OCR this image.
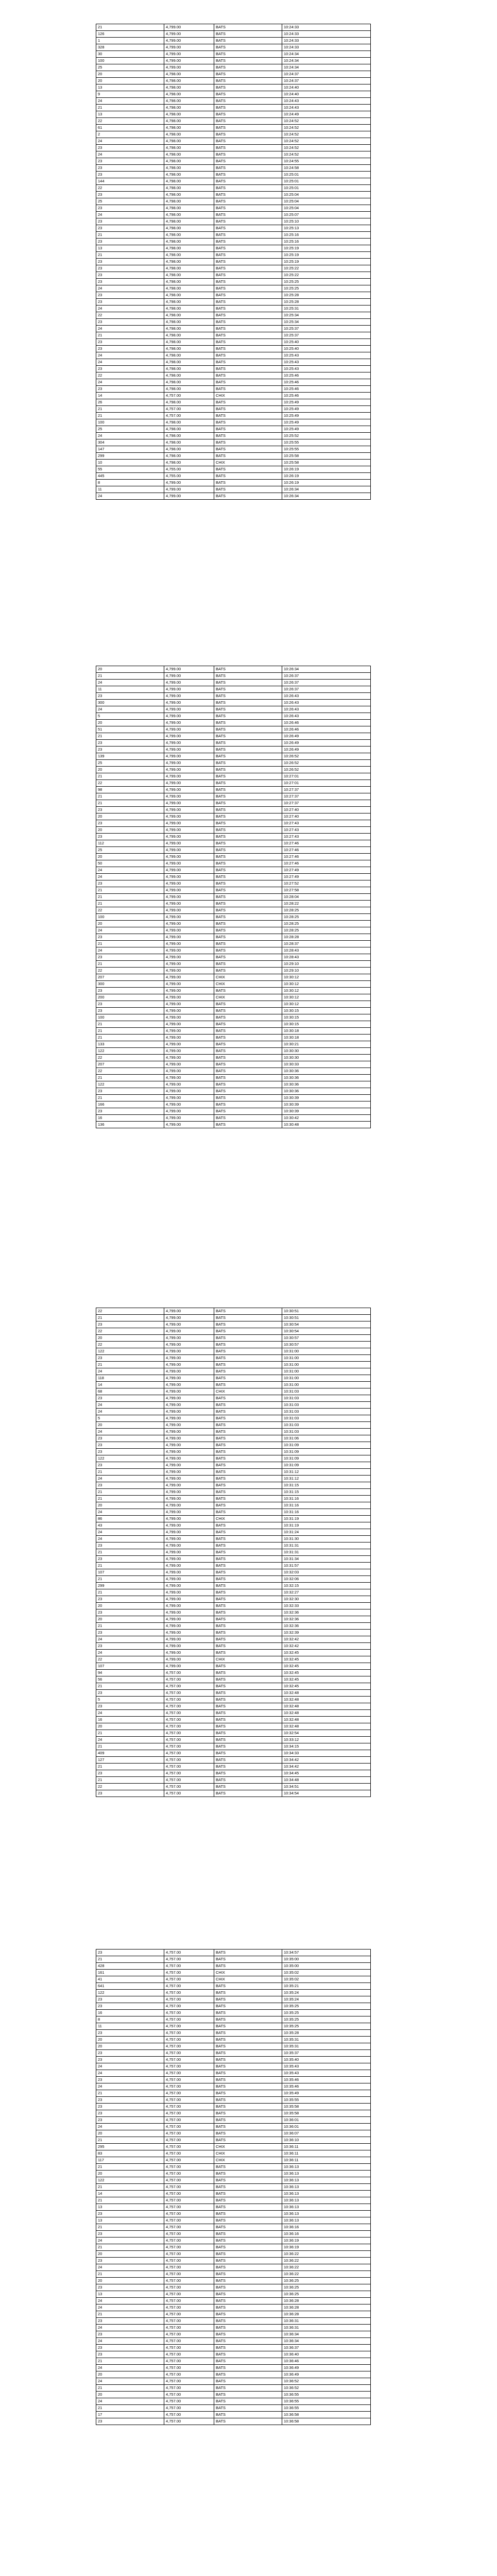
21	4,799.00	BATS	10:24:33
126	4,799.00	BATS	10:24:33
1	4,799.00	BATS	10:24:33
328	4,799.00	BATS	10:24:33
30	4,799.00	BATS	10:24:34
100	4,799.00	BATS	10:24:34
25	4,799.00	BATS	10:24:34
20	4,798.00	BATS	10:24:37
20	4,798.00	BATS	10:24:37
13	4,798.00	BATS	10:24:40
9	4,798.00	BATS	10:24:40
24	4,798.00	BATS	10:24:43
21	4,798.00	BATS	10:24:43
13	4,798.00	BATS	10:24:49
22	4,798.00	BATS	10:24:52
61	4,798.00	BATS	10:24:52
2	4,798.00	BATS	10:24:52
24	4,798.00	BATS	10:24:52
23	4,798.00	BATS	10:24:52
24	4,798.00	BATS	10:24:52
23	4,798.00	BATS	10:24:55
23	4,798.00	BATS	10:24:58
23	4,798.00	BATS	10:25:01
144	4,798.00	BATS	10:25:01
22	4,798.00	BATS	10:25:01
23	4,798.00	BATS	10:25:04
25	4,798.00	BATS	10:25:04
23	4,798.00	BATS	10:25:04
24	4,798.00	BATS	10:25:07
23	4,798.00	BATS	10:25:10
23	4,798.00	BATS	10:25:13
21	4,798.00	BATS	10:25:16
23	4,798.00	BATS	10:25:16
13	4,798.00	BATS	10:25:19
21	4,798.00	BATS	10:25:19
23	4,798.00	BATS	10:25:19
23	4,798.00	BATS	10:25:22
23	4,798.00	BATS	10:25:22
23	4,798.00	BATS	10:25:25
24	4,798.00	BATS	10:25:25
23	4,798.00	BATS	10:25:28
23	4,798.00	BATS	10:25:28
24	4,798.00	BATS	10:25:31
22	4,798.00	BATS	10:25:34
23	4,798.00	BATS	10:25:34
24	4,798.00	BATS	10:25:37
21	4,798.00	BATS	10:25:37
23	4,798.00	BATS	10:25:40
23	4,798.00	BATS	10:25:40
24	4,798.00	BATS	10:25:43
24	4,798.00	BATS	10:25:43
23	4,798.00	BATS	10:25:43
22	4,798.00	BATS	10:25:46
24	4,798.00	BATS	10:25:46
23	4,798.00	BATS	10:25:46
14	4,757.00	CHIX	10:25:46
26	4,798.00	BATS	10:25:49
21	4,757.00	BATS	10:25:49
21	4,757.00	BATS	10:25:49
100	4,798.00	BATS	10:25:49
25	4,798.00	BATS	10:25:49
24	4,798.00	BATS	10:25:52
304	4,798.00	BATS	10:25:55
147	4,798.00	BATS	10:25:55
299	4,798.00	BATS	10:25:58
10	4,798.00	CHIX	10:25:58
55	4,755.00	BATS	10:26:19
445	4,755.00	BATS	10:26:19
8	4,799.00	BATS	10:26:19
11	4,799.00	BATS	10:26:34
24	4,799.00	BATS	10:26:34
20	4,799.00	BATS	10:26:34
21	4,799.00	BATS	10:26:37
24	4,799.00	BATS	10:26:37
11	4,799.00	BATS	10:26:37
23	4,799.00	BATS	10:26:43
300	4,799.00	BATS	10:26:43
24	4,799.00	BATS	10:26:43
5	4,799.00	BATS	10:26:43
20	4,799.00	BATS	10:26:46
51	4,799.00	BATS	10:26:46
21	4,799.00	BATS	10:26:49
23	4,799.00	BATS	10:26:49
23	4,799.00	BATS	10:26:49
139	4,799.00	BATS	10:26:52
25	4,799.00	BATS	10:26:52
20	4,799.00	BATS	10:26:52
21	4,799.00	BATS	10:27:01
22	4,799.00	BATS	10:27:01
98	4,799.00	BATS	10:27:37
21	4,799.00	BATS	10:27:37
21	4,799.00	BATS	10:27:37
23	4,799.00	BATS	10:27:40
20	4,799.00	BATS	10:27:40
23	4,799.00	BATS	10:27:43
20	4,799.00	BATS	10:27:43
23	4,799.00	BATS	10:27:43
112	4,799.00	BATS	10:27:46
25	4,799.00	BATS	10:27:46
20	4,799.00	BATS	10:27:46
50	4,799.00	BATS	10:27:46
24	4,799.00	BATS	10:27:49
24	4,799.00	BATS	10:27:49
23	4,799.00	BATS	10:27:52
21	4,799.00	BATS	10:27:58
21	4,799.00	BATS	10:28:04
21	4,799.00	BATS	10:28:22
22	4,799.00	BATS	10:28:25
100	4,799.00	BATS	10:28:25
20	4,799.00	BATS	10:28:25
24	4,799.00	BATS	10:28:25
23	4,799.00	BATS	10:28:28
21	4,799.00	BATS	10:28:37
24	4,799.00	BATS	10:28:43
23	4,799.00	BATS	10:28:43
21	4,799.00	BATS	10:29:10
22	4,799.00	BATS	10:29:10
207	4,799.00	CHIX	10:30:12
300	4,799.00	CHIX	10:30:12
23	4,799.00	BATS	10:30:12
200	4,799.00	CHIX	10:30:12
23	4,799.00	BATS	10:30:12
23	4,799.00	BATS	10:30:15
100	4,799.00	BATS	10:30:15
21	4,799.00	BATS	10:30:15
21	4,799.00	BATS	10:30:18
21	4,799.00	BATS	10:30:18
133	4,799.00	BATS	10:30:21
122	4,799.00	BATS	10:30:30
22	4,799.00	BATS	10:30:30
207	4,799.00	BATS	10:30:33
22	4,799.00	BATS	10:30:36
21	4,799.00	BATS	10:30:36
122	4,799.00	BATS	10:30:36
23	4,799.00	BATS	10:30:36
21	4,799.00	BATS	10:30:39
166	4,799.00	BATS	10:30:39
23	4,799.00	BATS	10:30:39
16	4,799.00	BATS	10:30:42
136	4,799.00	BATS	10:30:48
22	4,799.00	BATS	10:30:51
21	4,799.00	BATS	10:30:51
23	4,799.00	BATS	10:30:54
22	4,799.00	BATS	10:30:54
20	4,799.00	BATS	10:30:57
22	4,799.00	BATS	10:30:57
122	4,799.00	BATS	10:31:00
23	4,799.00	BATS	10:31:00
21	4,799.00	BATS	10:31:00
24	4,799.00	BATS	10:31:00
118	4,799.00	BATS	10:31:00
14	4,799.00	BATS	10:31:00
68	4,799.00	CHIX	10:31:03
23	4,799.00	BATS	10:31:03
24	4,799.00	BATS	10:31:03
24	4,799.00	BATS	10:31:03
5	4,799.00	BATS	10:31:03
20	4,799.00	BATS	10:31:03
24	4,799.00	BATS	10:31:03
23	4,799.00	BATS	10:31:06
23	4,799.00	BATS	10:31:09
23	4,799.00	BATS	10:31:09
122	4,799.00	BATS	10:31:09
23	4,799.00	BATS	10:31:09
21	4,799.00	BATS	10:31:12
24	4,799.00	BATS	10:31:12
23	4,799.00	BATS	10:31:15
21	4,799.00	BATS	10:31:15
21	4,799.00	BATS	10:31:16
20	4,799.00	BATS	10:31:16
24	4,799.00	BATS	10:31:16
86	4,799.00	CHIX	10:31:19
43	4,799.00	BATS	10:31:19
24	4,799.00	BATS	10:31:24
24	4,799.00	BATS	10:31:30
23	4,799.00	BATS	10:31:31
21	4,799.00	BATS	10:31:31
23	4,799.00	BATS	10:31:34
21	4,799.00	BATS	10:31:57
107	4,799.00	BATS	10:32:03
21	4,799.00	BATS	10:32:06
299	4,799.00	BATS	10:32:15
21	4,799.00	BATS	10:32:27
23	4,799.00	BATS	10:32:30
20	4,799.00	BATS	10:32:33
23	4,799.00	BATS	10:32:36
20	4,799.00	BATS	10:32:36
21	4,799.00	BATS	10:32:36
23	4,799.00	BATS	10:32:39
24	4,799.00	BATS	10:32:42
23	4,799.00	BATS	10:32:42
24	4,799.00	BATS	10:32:45
22	4,799.00	CHIX	10:32:45
107	4,799.00	BATS	10:32:45
94	4,757.00	BATS	10:32:45
56	4,757.00	BATS	10:32:45
21	4,757.00	BATS	10:32:45
23	4,757.00	BATS	10:32:48
5	4,757.00	BATS	10:32:48
23	4,757.00	BATS	10:32:48
24	4,757.00	BATS	10:32:48
16	4,757.00	BATS	10:32:48
20	4,757.00	BATS	10:32:48
21	4,757.00	BATS	10:32:54
24	4,757.00	BATS	10:33:12
21	4,757.00	BATS	10:34:15
409	4,757.00	BATS	10:34:33
127	4,757.00	BATS	10:34:42
21	4,757.00	BATS	10:34:42
23	4,757.00	BATS	10:34:45
21	4,757.00	BATS	10:34:48
22	4,757.00	BATS	10:34:51
23	4,757.00	BATS	10:34:54
23	4,757.00	BATS	10:34:57
21	4,757.00	BATS	10:35:00
428	4,757.00	BATS	10:35:00
161	4,757.00	CHIX	10:35:02
41	4,757.00	CHIX	10:35:02
641	4,757.00	BATS	10:35:21
122	4,757.00	BATS	10:35:24
23	4,757.00	BATS	10:35:24
23	4,757.00	BATS	10:35:25
16	4,757.00	BATS	10:35:25
8	4,757.00	BATS	10:35:25
11	4,757.00	BATS	10:35:25
23	4,757.00	BATS	10:35:28
20	4,757.00	BATS	10:35:31
20	4,757.00	BATS	10:35:31
23	4,757.00	BATS	10:35:37
23	4,757.00	BATS	10:35:40
24	4,757.00	BATS	10:35:43
24	4,757.00	BATS	10:35:43
23	4,757.00	BATS	10:35:46
24	4,757.00	BATS	10:35:46
21	4,757.00	BATS	10:35:49
23	4,757.00	BATS	10:35:55
23	4,757.00	BATS	10:35:58
23	4,757.00	BATS	10:35:58
23	4,757.00	BATS	10:36:01
24	4,757.00	BATS	10:36:01
20	4,757.00	BATS	10:36:07
21	4,757.00	BATS	10:36:10
295	4,757.00	CHIX	10:36:11
83	4,757.00	CHIX	10:36:11
117	4,757.00	CHIX	10:36:11
21	4,757.00	BATS	10:36:13
20	4,757.00	BATS	10:36:13
122	4,757.00	BATS	10:36:13
21	4,757.00	BATS	10:36:13
14	4,757.00	BATS	10:36:13
21	4,757.00	BATS	10:36:13
13	4,757.00	BATS	10:36:13
23	4,757.00	BATS	10:36:13
13	4,757.00	BATS	10:36:13
21	4,757.00	BATS	10:36:16
23	4,757.00	BATS	10:36:16
24	4,757.00	BATS	10:36:19
21	4,757.00	BATS	10:36:19
20	4,757.00	BATS	10:36:22
23	4,757.00	BATS	10:36:22
24	4,757.00	BATS	10:36:22
21	4,757.00	BATS	10:36:22
20	4,757.00	BATS	10:36:25
23	4,757.00	BATS	10:36:25
13	4,757.00	BATS	10:36:25
24	4,757.00	BATS	10:36:28
24	4,757.00	BATS	10:36:28
21	4,757.00	BATS	10:36:28
23	4,757.00	BATS	10:36:31
24	4,757.00	BATS	10:36:31
23	4,757.00	BATS	10:36:34
24	4,757.00	BATS	10:36:34
23	4,757.00	BATS	10:36:37
23	4,757.00	BATS	10:36:40
21	4,757.00	BATS	10:36:46
24	4,757.00	BATS	10:36:49
20	4,757.00	BATS	10:36:49
24	4,757.00	BATS	10:36:52
21	4,757.00	BATS	10:36:52
20	4,757.00	BATS	10:36:55
24	4,757.00	BATS	10:36:55
21	4,757.00	BATS	10:36:55
17	4,757.00	BATS	10:36:58
23	4,757.00	BATS	10:36:58
